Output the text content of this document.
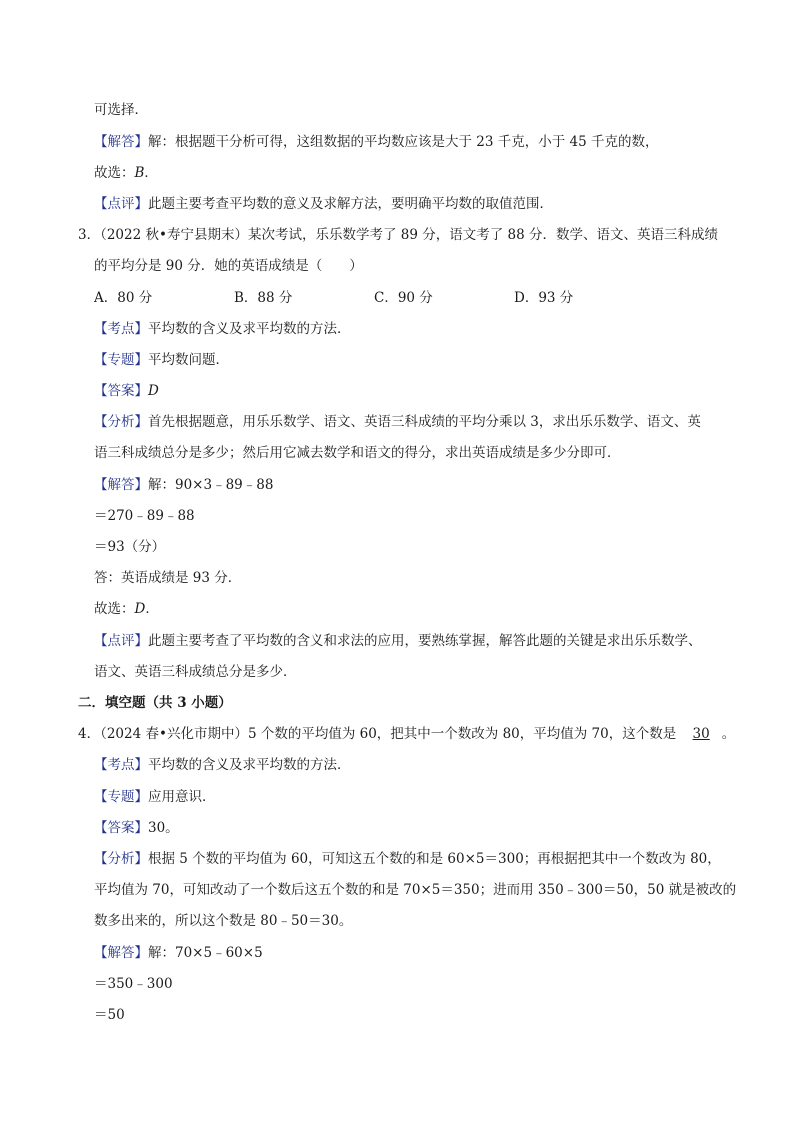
可选择．
【解答】解：根据题干分析可得，这组数据的平均数应该是大于 23 千克，小于 45 千克的数，
故选：B．
【点评】此题主要考查平均数的意义及求解方法，要明确平均数的取值范围．
3．（2022 秋•寿宁县期末）某次考试，乐乐数学考了 89 分，语文考了 88 分．数学、语文、英语三科成绩
的平均分是 90 分．她的英语成绩是（　　）
A．80 分	B．88 分	C．90 分	D．93 分
【考点】平均数的含义及求平均数的方法．
【专题】平均数问题．
【答案】D
【分析】首先根据题意，用乐乐数学、语文、英语三科成绩的平均分乘以 3，求出乐乐数学、语文、英
语三科成绩总分是多少；然后用它减去数学和语文的得分，求出英语成绩是多少分即可．
【解答】解：90×3﹣89﹣88
＝270﹣89﹣88
＝93（分）
答：英语成绩是 93 分．
故选：D．
【点评】此题主要考查了平均数的含义和求法的应用，要熟练掌握，解答此题的关键是求出乐乐数学、
语文、英语三科成绩总分是多少．
二．填空题（共 3 小题）
4．（2024 春•兴化市期中）5 个数的平均值为 60，把其中一个数改为 80，平均值为 70，这个数是 30 。
【考点】平均数的含义及求平均数的方法．
【专题】应用意识．
【答案】30。
【分析】根据 5 个数的平均值为 60，可知这五个数的和是 60×5＝300；再根据把其中一个数改为 80，
平均值为 70，可知改动了一个数后这五个数的和是 70×5＝350；进而用 350﹣300＝50，50 就是被改的
数多出来的，所以这个数是 80﹣50＝30。
【解答】解：70×5﹣60×5
＝350﹣300
＝50
